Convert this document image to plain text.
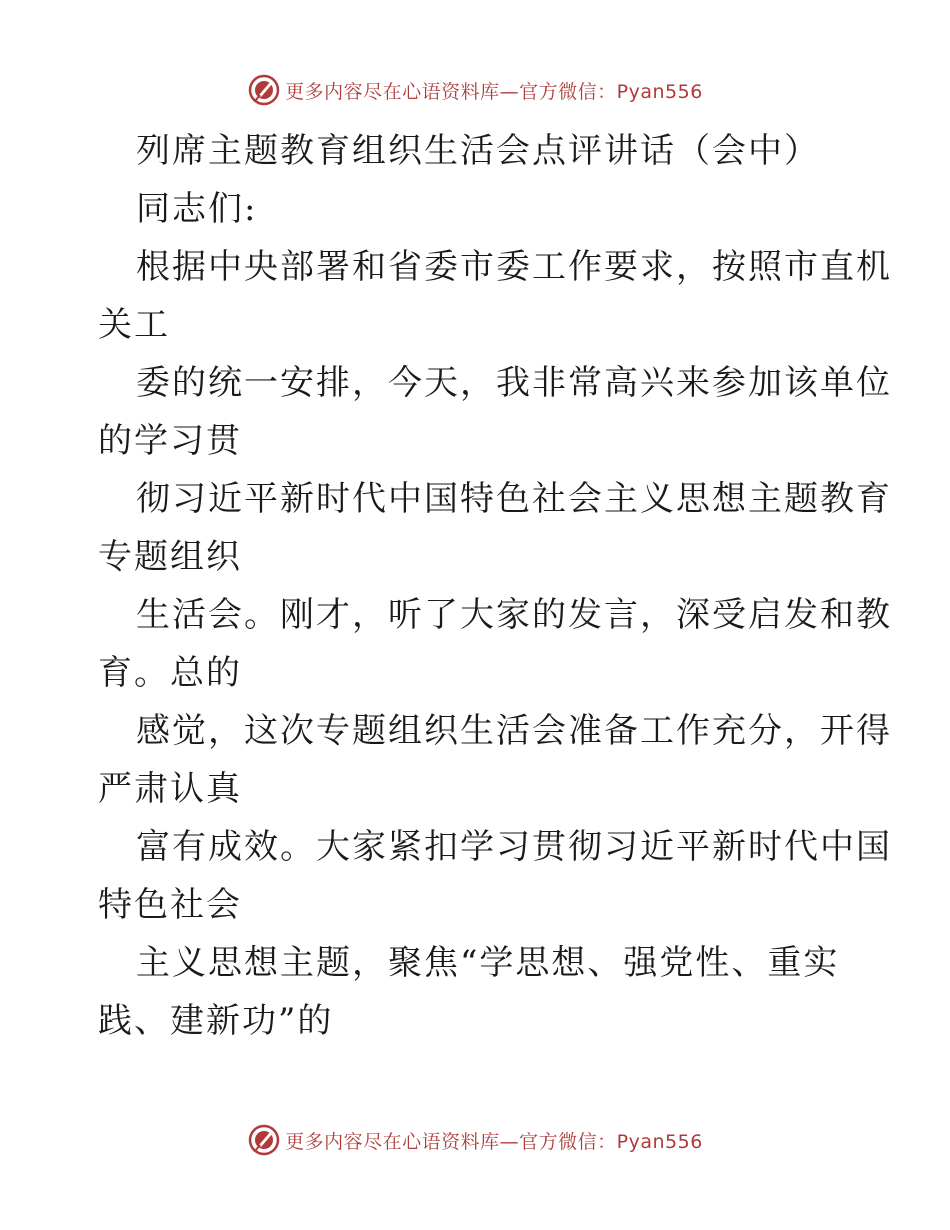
更多内容尽在心语资料库—官方微信：Pyan556
列席主题教育组织生活会点评讲话（会中）
同志们:
根据中央部署和省委市委工作要求，按照市直机
关工
委的统一安排，今天，我非常高兴来参加该单位
的学习贯
彻习近平新时代中国特色社会主义思想主题教育
专题组织
生活会。刚才，听了大家的发言，深受启发和教
育。总的
感觉，这次专题组织生活会准备工作充分，开得
严肃认真
富有成效。大家紧扣学习贯彻习近平新时代中国
特色社会
主义思想主题，聚焦“学思想、强党性、重实
践、建新功”的
更多内容尽在心语资料库—官方微信：Pyan556
